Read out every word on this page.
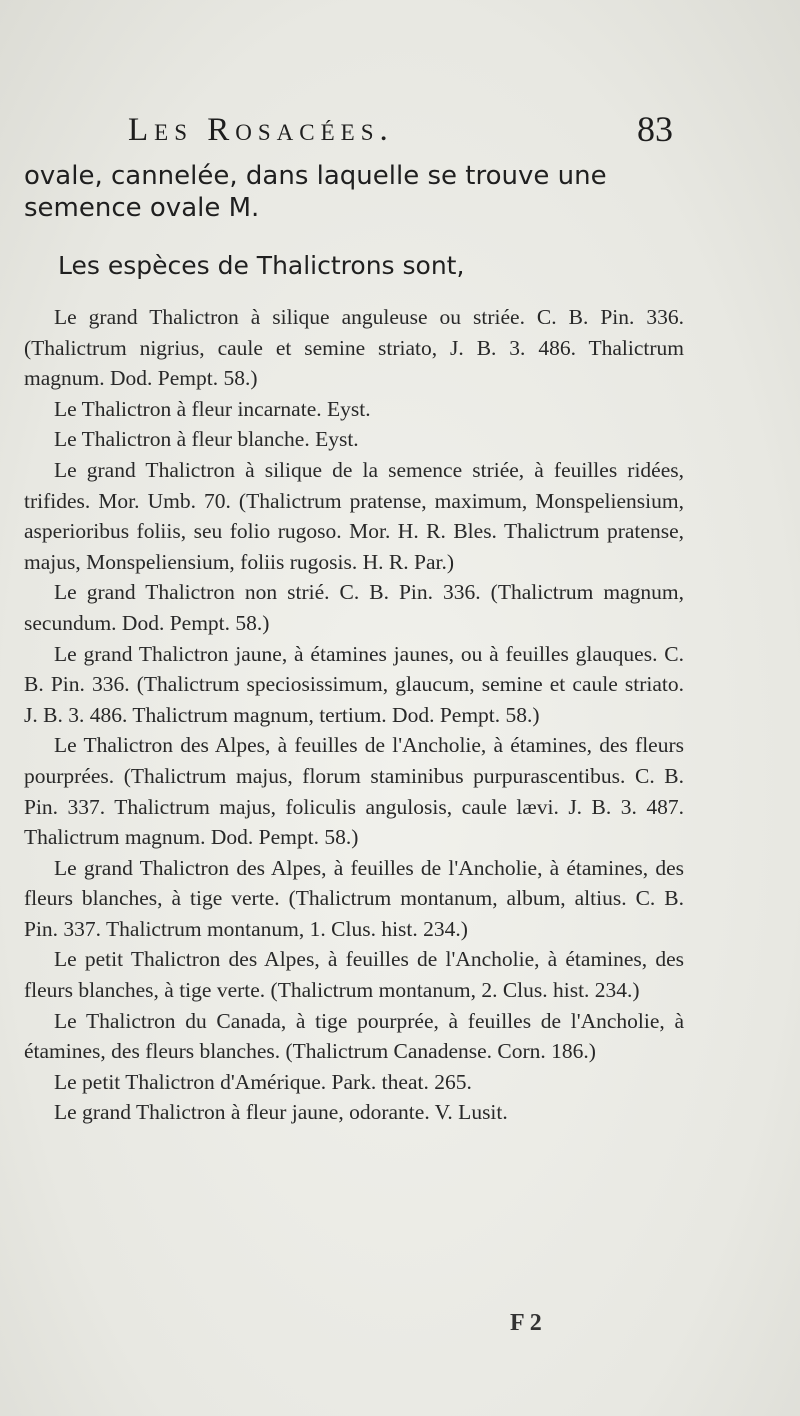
Les Rosacées.	83

ovale, cannelée, dans laquelle se trouve une semence ovale M.

Les espèces de Thalictrons sont,

Le grand Thalictron à silique anguleuse ou striée. C. B. Pin. 336. (Thalictrum nigrius, caule et semine striato, J. B. 3. 486. Thalictrum magnum. Dod. Pempt. 58.)

Le Thalictron à fleur incarnate. Eyst.

Le Thalictron à fleur blanche. Eyst.

Le grand Thalictron à silique de la semence striée, à feuilles ridées, trifides. Mor. Umb. 70. (Thalictrum pratense, maximum, Monspeliensium, asperioribus foliis, seu folio rugoso. Mor. H. R. Bles. Thalictrum pratense, majus, Monspeliensium, foliis rugosis. H. R. Par.)

Le grand Thalictron non strié. C. B. Pin. 336. (Thalictrum magnum, secundum. Dod. Pempt. 58.)

Le grand Thalictron jaune, à étamines jaunes, ou à feuilles glauques. C. B. Pin. 336. (Thalictrum speciosissimum, glaucum, semine et caule striato. J. B. 3. 486. Thalictrum magnum, tertium. Dod. Pempt. 58.)

Le Thalictron des Alpes, à feuilles de l'Ancholie, à étamines, des fleurs pourprées. (Thalictrum majus, florum staminibus purpurascentibus. C. B. Pin. 337. Thalictrum majus, foliculis angulosis, caule lævi. J. B. 3. 487. Thalictrum magnum. Dod. Pempt. 58.)

Le grand Thalictron des Alpes, à feuilles de l'Ancholie, à étamines, des fleurs blanches, à tige verte. (Thalictrum montanum, album, altius. C. B. Pin. 337. Thalictrum montanum, 1. Clus. hist. 234.)

Le petit Thalictron des Alpes, à feuilles de l'Ancholie, à étamines, des fleurs blanches, à tige verte. (Thalictrum montanum, 2. Clus. hist. 234.)

Le Thalictron du Canada, à tige pourprée, à feuilles de l'Ancholie, à étamines, des fleurs blanches. (Thalictrum Canadense. Corn. 186.)

Le petit Thalictron d'Amérique. Park. theat. 265.

Le grand Thalictron à fleur jaune, odorante. V. Lusit.

F 2
